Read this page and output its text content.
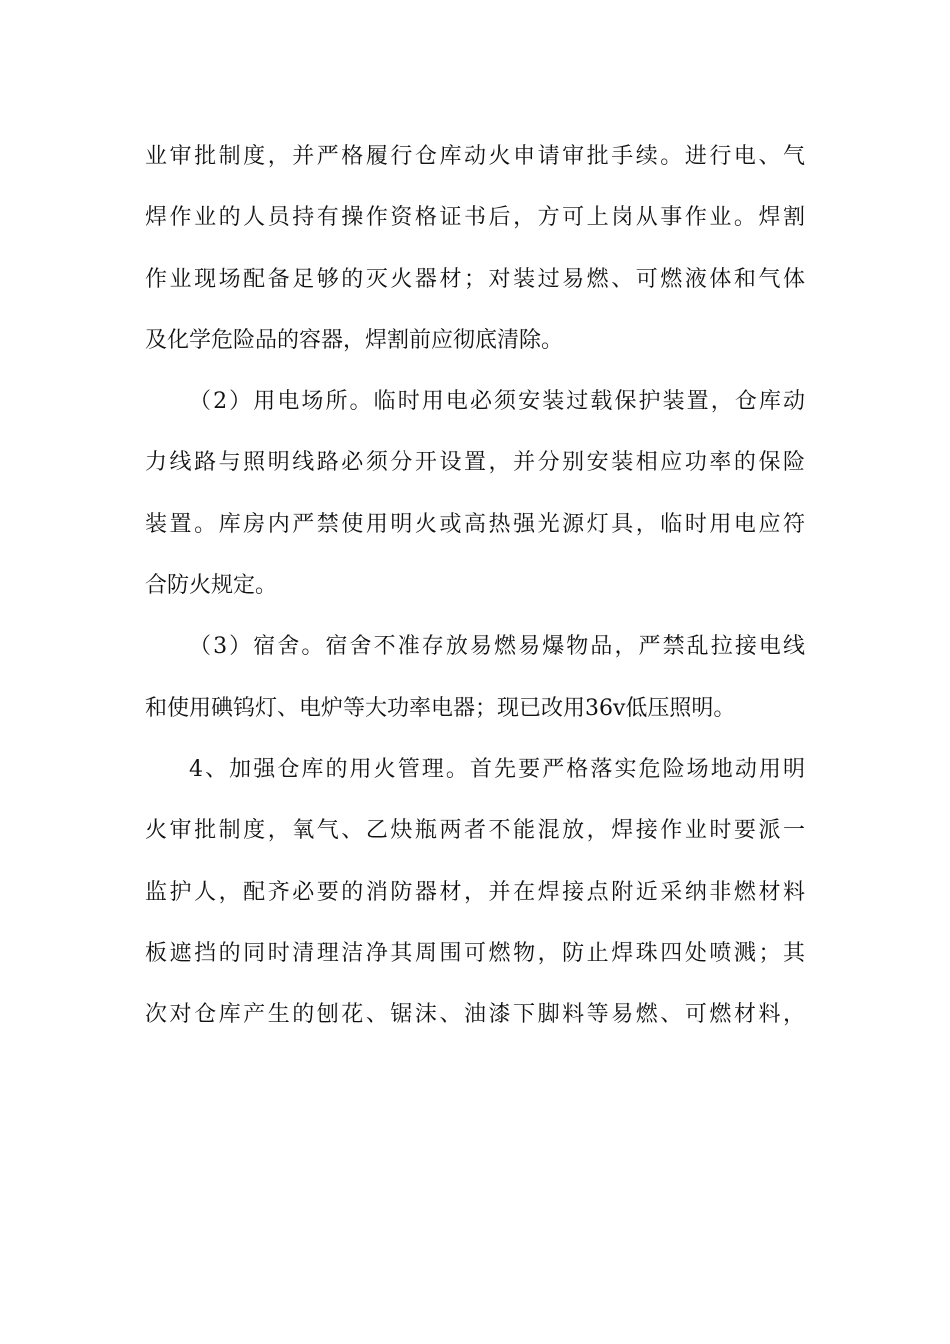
业审批制度，并严格履行仓库动火申请审批手续。进行电、气
焊作业的人员持有操作资格证书后，方可上岗从事作业。焊割
作业现场配备足够的灭火器材；对装过易燃、可燃液体和气体
及化学危险品的容器，焊割前应彻底清除。
（2）用电场所。临时用电必须安装过载保护装置，仓库动
力线路与照明线路必须分开设置，并分别安装相应功率的保险
装置。库房内严禁使用明火或高热强光源灯具，临时用电应符
合防火规定。
（3）宿舍。宿舍不准存放易燃易爆物品，严禁乱拉接电线
和使用碘钨灯、电炉等大功率电器；现已改用36v低压照明。
4、加强仓库的用火管理。首先要严格落实危险场地动用明
火审批制度，氧气、乙炔瓶两者不能混放，焊接作业时要派一
监护人，配齐必要的消防器材，并在焊接点附近采纳非燃材料
板遮挡的同时清理洁净其周围可燃物，防止焊珠四处喷溅；其
次对仓库产生的刨花、锯沫、油漆下脚料等易燃、可燃材料，
